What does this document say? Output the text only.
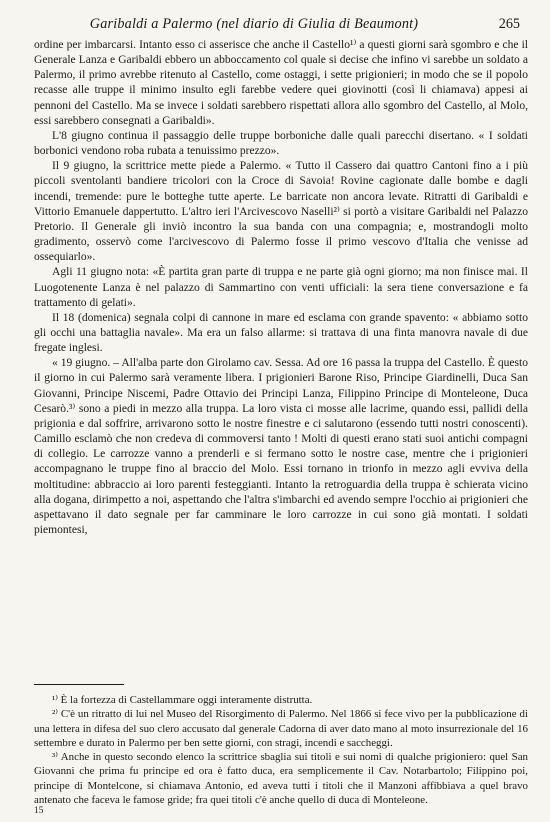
Garibaldi a Palermo (nel diario di Giulia di Beaumont)	265

ordine per imbarcarsi. Intanto esso ci asserisce che anche il Castello¹⁾ a questi giorni sarà sgombro e che il Generale Lanza e Garibaldi ebbero un abboccamento col quale si decise che infino vi sarebbe un soldato a Palermo, il primo avrebbe ritenuto al Castello, come ostaggi, i sette prigionieri; in modo che se il popolo recasse alle truppe il minimo insulto egli farebbe vedere quei giovinotti (così li chiamava) appesi ai pennoni del Castello. Ma se invece i soldati sarebbero rispettati allora allo sgombro del Castello, al Molo, essi sarebbero consegnati a Garibaldi».

L'8 giugno continua il passaggio delle truppe borboniche dalle quali parecchi disertano. « I soldati borbonici vendono roba rubata a tenuissimo prezzo».

Il 9 giugno, la scrittrice mette piede a Palermo. « Tutto il Cassero dai quattro Cantoni fino a i più piccoli sventolanti bandiere tricolori con la Croce di Savoia! Rovine cagionate dalle bombe e dagli incendi, tremende: pure le botteghe tutte aperte. Le barricate non ancora levate. Ritratti di Garibaldi e Vittorio Emanuele dappertutto. L'altro ieri l'Arcivescovo Naselli²⁾ si portò a visitare Garibaldi nel Palazzo Pretorio. Il Generale gli inviò incontro la sua banda con una compagnia; e, mostrandogli molto gradimento, osservò come l'arcivescovo di Palermo fosse il primo vescovo d'Italia che venisse ad ossequiarlo».

Agli 11 giugno nota: «È partita gran parte di truppa e ne parte già ogni giorno; ma non finisce mai. Il Luogotenente Lanza è nel palazzo di Sammartino con venti ufficiali: la sera tiene conversazione e fa trattamento di gelati».

Il 18 (domenica) segnala colpi di cannone in mare ed esclama con grande spavento: « abbiamo sotto gli occhi una battaglia navale». Ma era un falso allarme: si trattava di una finta manovra navale di due fregate inglesi.

« 19 giugno. – All'alba parte don Girolamo cav. Sessa. Ad ore 16 passa la truppa del Castello. È questo il giorno in cui Palermo sarà veramente libera. I prigionieri Barone Riso, Principe Giardinelli, Duca San Giovanni, Principe Niscemi, Padre Ottavio dei Principi Lanza, Filippino Principe di Monteleone, Duca Cesarò.³⁾ sono a piedi in mezzo alla truppa. La loro vista ci mosse alle lacrime, quando essi, pallidi della prigionia e dal soffrire, arrivarono sotto le nostre finestre e ci salutarono (essendo tutti nostri conoscenti). Camillo esclamò che non credeva di commoversi tanto ! Molti di questi erano stati suoi antichi compagni di collegio. Le carrozze vanno a prenderli e si fermano sotto le nostre case, mentre che i prigionieri accompagnano le truppe fino al braccio del Molo. Essi tornano in trionfo in mezzo agli evviva della moltitudine: abbraccio ai loro parenti festeggianti. Intanto la retroguardia della truppa è schierata vicino alla dogana, dirimpetto a noi, aspettando che l'altra s'imbarchi ed avendo sempre l'occhio ai prigionieri che aspettavano il dato segnale per far camminare le loro carrozze in cui sono già montati. I soldati piemontesi,

¹⁾ È la fortezza di Castellammare oggi interamente distrutta.

²⁾ C'è un ritratto di lui nel Museo del Risorgimento di Palermo. Nel 1866 si fece vivo per la pubblicazione di una lettera in difesa del suo clero accusato dal generale Cadorna di aver dato mano al moto insurrezionale del 16 settembre e durato in Palermo per ben sette giorni, con stragi, incendi e saccheggi.

³⁾ Anche in questo secondo elenco la scrittrice sbaglia sui titoli e sui nomi di qualche prigioniero: quel San Giovanni che prima fu principe ed ora è fatto duca, era semplicemente il Cav. Notarbartolo; Filippino poi, principe di Montelcone, si chiamava Antonio, ed aveva tutti i titoli che il Manzoni affibbiava a quel bravo antenato che faceva le famose gride; fra quei titoli c'è anche quello di duca di Monteleone.

15
